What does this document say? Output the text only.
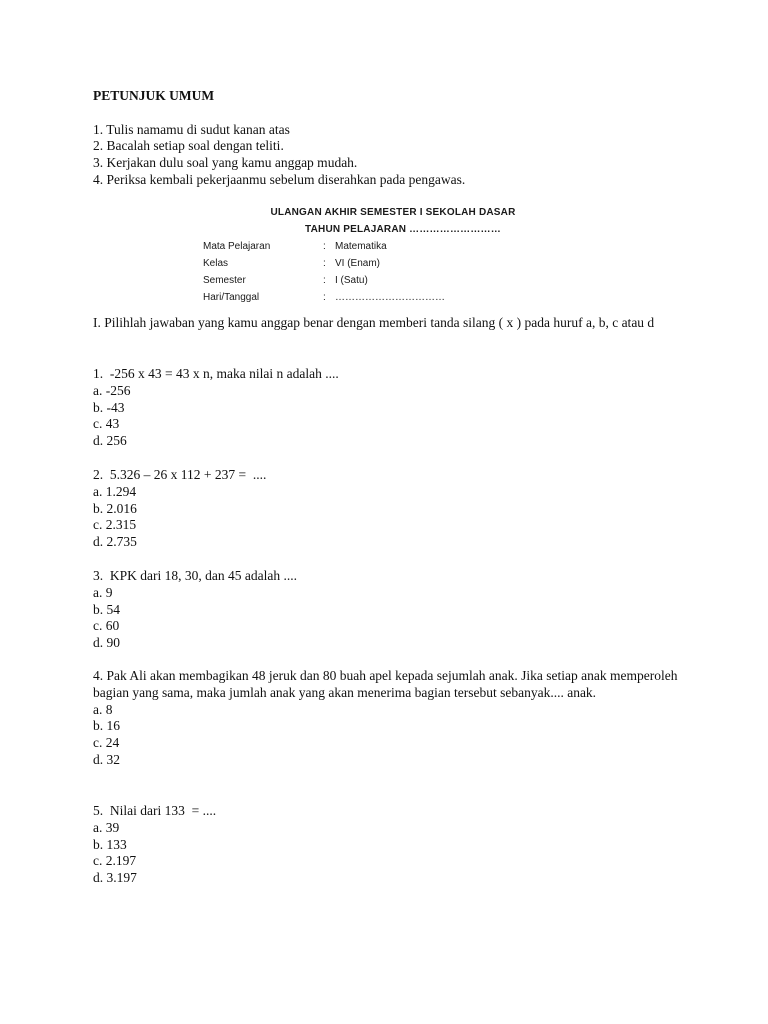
PETUNJUK UMUM
1. Tulis namamu di sudut kanan atas
2. Bacalah setiap soal dengan teliti.
3. Kerjakan dulu soal yang kamu anggap mudah.
4. Periksa kembali pekerjaanmu sebelum diserahkan pada pengawas.
ULANGAN AKHIR SEMESTER I SEKOLAH DASAR
TAHUN PELAJARAN ………………………
Mata Pelajaran	: Matematika
Kelas	: VI (Enam)
Semester	: I (Satu)
Hari/Tanggal	: ……………………………
I. Pilihlah jawaban yang kamu anggap benar dengan memberi tanda silang ( x ) pada huruf a, b, c atau d
1.  -256 x 43 = 43 x n, maka nilai n adalah ....
a. -256
b. -43
c. 43
d. 256
2.  5.326 – 26 x 112 + 237 =  ....
a. 1.294
b. 2.016
c. 2.315
d. 2.735
3.  KPK dari 18, 30, dan 45 adalah ....
a. 9
b. 54
c. 60
d. 90
4. Pak Ali akan membagikan 48 jeruk dan 80 buah apel kepada sejumlah anak. Jika setiap anak memperoleh bagian yang sama, maka jumlah anak yang akan menerima bagian tersebut sebanyak.... anak.
a. 8
b. 16
c. 24
d. 32
5.  Nilai dari 133  = ....
a. 39
b. 133
c. 2.197
d. 3.197
